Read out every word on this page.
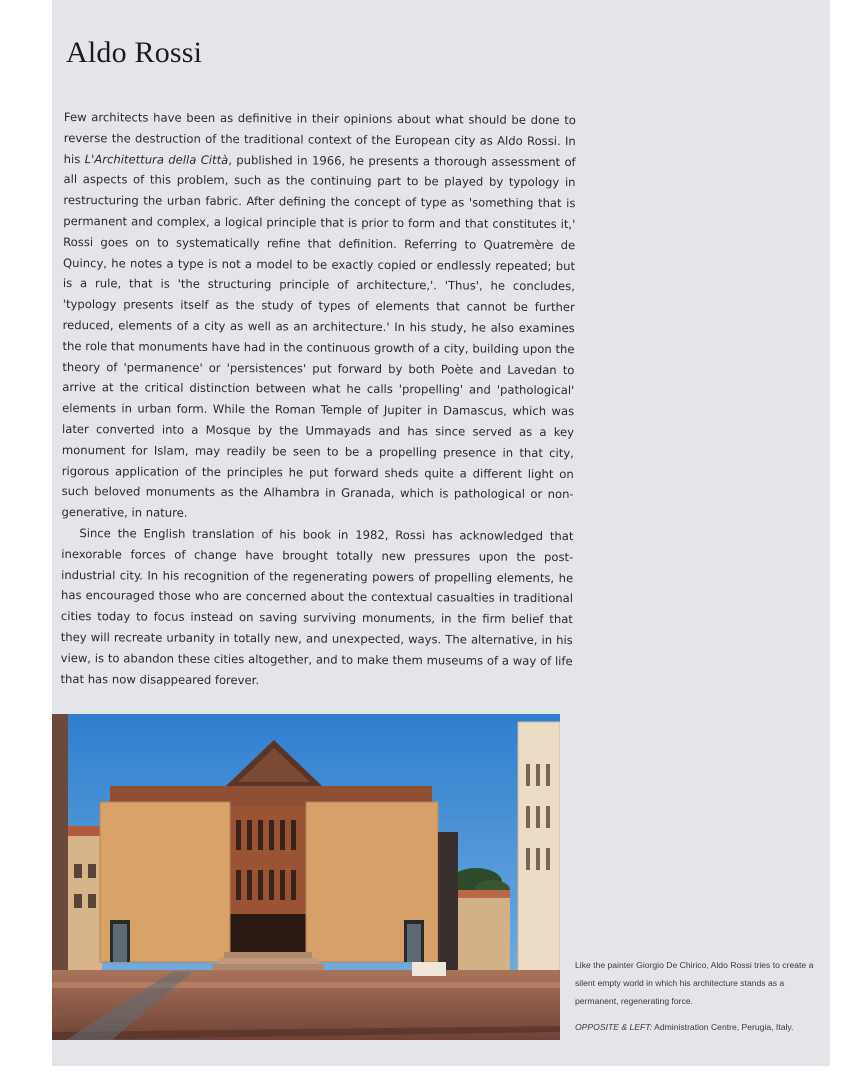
Aldo Rossi

Few architects have been as definitive in their opinions about what should be done to reverse the destruction of the traditional context of the European city as Aldo Rossi. In his L'Architettura della Città, published in 1966, he presents a thorough assessment of all aspects of this problem, such as the continuing part to be played by typology in restructuring the urban fabric. After defining the concept of type as 'something that is permanent and complex, a logical principle that is prior to form and that constitutes it,' Rossi goes on to systematically refine that definition. Referring to Quatremère de Quincy, he notes a type is not a model to be exactly copied or endlessly repeated; but is a rule, that is 'the structuring principle of architecture,'. 'Thus', he concludes, 'typology presents itself as the study of types of elements that cannot be further reduced, elements of a city as well as an architecture.' In his study, he also examines the role that monuments have had in the continuous growth of a city, building upon the theory of 'permanence' or 'persistences' put forward by both Poète and Lavedan to arrive at the critical distinction between what he calls 'propelling' and 'pathological' elements in urban form. While the Roman Temple of Jupiter in Damascus, which was later converted into a Mosque by the Ummayads and has since served as a key monument for Islam, may readily be seen to be a propelling presence in that city, rigorous application of the principles he put forward sheds quite a different light on such beloved monuments as the Alhambra in Granada, which is pathological or non-generative, in nature.

Since the English translation of his book in 1982, Rossi has acknowledged that inexorable forces of change have brought totally new pressures upon the post-industrial city. In his recognition of the regenerating powers of propelling elements, he has encouraged those who are concerned about the contextual casualties in traditional cities today to focus instead on saving surviving monuments, in the firm belief that they will recreate urbanity in totally new, and unexpected, ways. The alternative, in his view, is to abandon these cities altogether, and to make them museums of a way of life that has now disappeared forever.

Like the painter Giorgio De Chirico, Aldo Rossi tries to create a silent empty world in which his architecture stands as a permanent, regenerating force.

OPPOSITE & LEFT: Administration Centre, Perugia, Italy.
